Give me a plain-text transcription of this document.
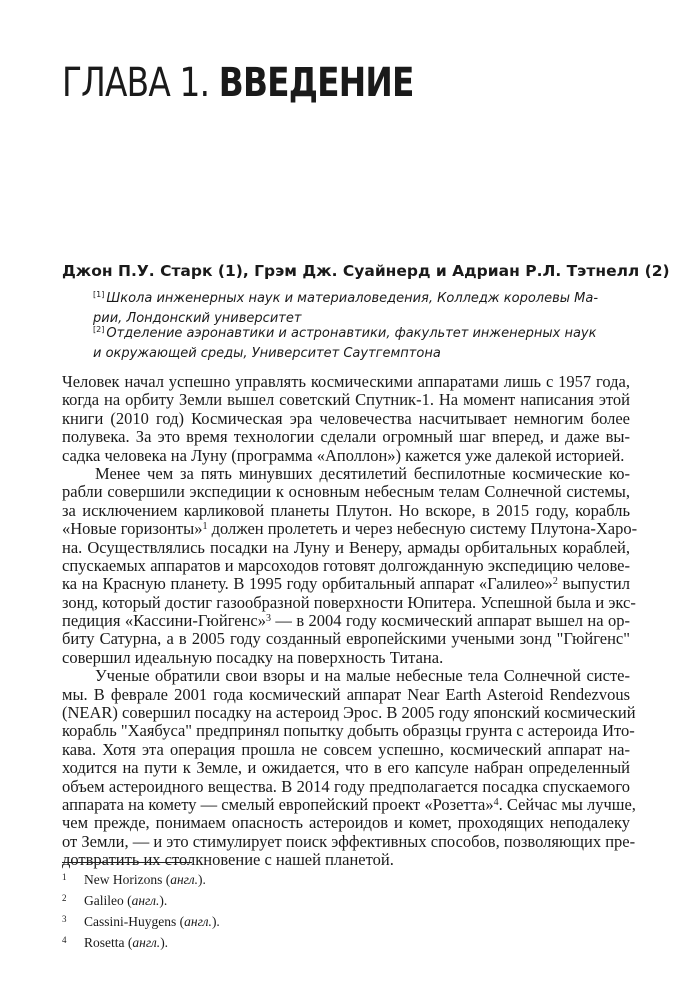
ГЛАВА 1. ВВЕДЕНИЕ

Джон П.У. Старк (1), Грэм Дж. Суайнерд и Адриан Р.Л. Тэтнелл (2)

[1] Школа инженерных наук и материаловедения, Колледж королевы Ма-
рии, Лондонский университет
[2] Отделение аэронавтики и астронавтики, факультет инженерных наук
и окружающей среды, Университет Саутгемптона
Человек начал успешно управлять космическими аппаратами лишь с 1957 года,
когда на орбиту Земли вышел советский Спутник-1. На момент написания этой
книги (2010 год) Космическая эра человечества насчитывает немногим более
полувека. За это время технологии сделали огромный шаг вперед, и даже вы-
садка человека на Луну (программа «Аполлон») кажется уже далекой историей.
Менее чем за пять минувших десятилетий беспилотные космические ко-
рабли совершили экспедиции к основным небесным телам Солнечной системы,
за исключением карликовой планеты Плутон. Но вскоре, в 2015 году, корабль
«Новые горизонты»$^1$ должен пролететь и через небесную систему Плутона-Харо-
на. Осуществлялись посадки на Луну и Венеру, армады орбитальных кораблей,
спускаемых аппаратов и марсоходов готовят долгожданную экспедицию челове-
ка на Красную планету. В 1995 году орбитальный аппарат «Галилео»$^2$ выпустил
зонд, который достиг газообразной поверхности Юпитера. Успешной была и экс-
педиция «Кассини-Гюйгенс»$^3$ — в 2004 году космический аппарат вышел на ор-
биту Сатурна, а в 2005 году созданный европейскими учеными зонд "Гюйгенс"
совершил идеальную посадку на поверхность Титана.
Ученые обратили свои взоры и на малые небесные тела Солнечной систе-
мы. В феврале 2001 года космический аппарат Near Earth Asteroid Rendezvous
(NEAR) совершил посадку на астероид Эрос. В 2005 году японский космический
корабль "Хаябуса" предпринял попытку добыть образцы грунта с астероида Ито-
кава. Хотя эта операция прошла не совсем успешно, космический аппарат на-
ходится на пути к Земле, и ожидается, что в его капсуле набран определенный
объем астероидного вещества. В 2014 году предполагается посадка спускаемого
аппарата на комету — смелый европейский проект «Розетта»$^4$. Сейчас мы лучше,
чем прежде, понимаем опасность астероидов и комет, проходящих неподалеку
от Земли, — и это стимулирует поиск эффективных способов, позволяющих пре-
дотвратить их столкновение с нашей планетой.
1 New Horizons (англ.).
2 Galileo (англ.).
3 Cassini-Huygens (англ.).
4 Rosetta (англ.).
